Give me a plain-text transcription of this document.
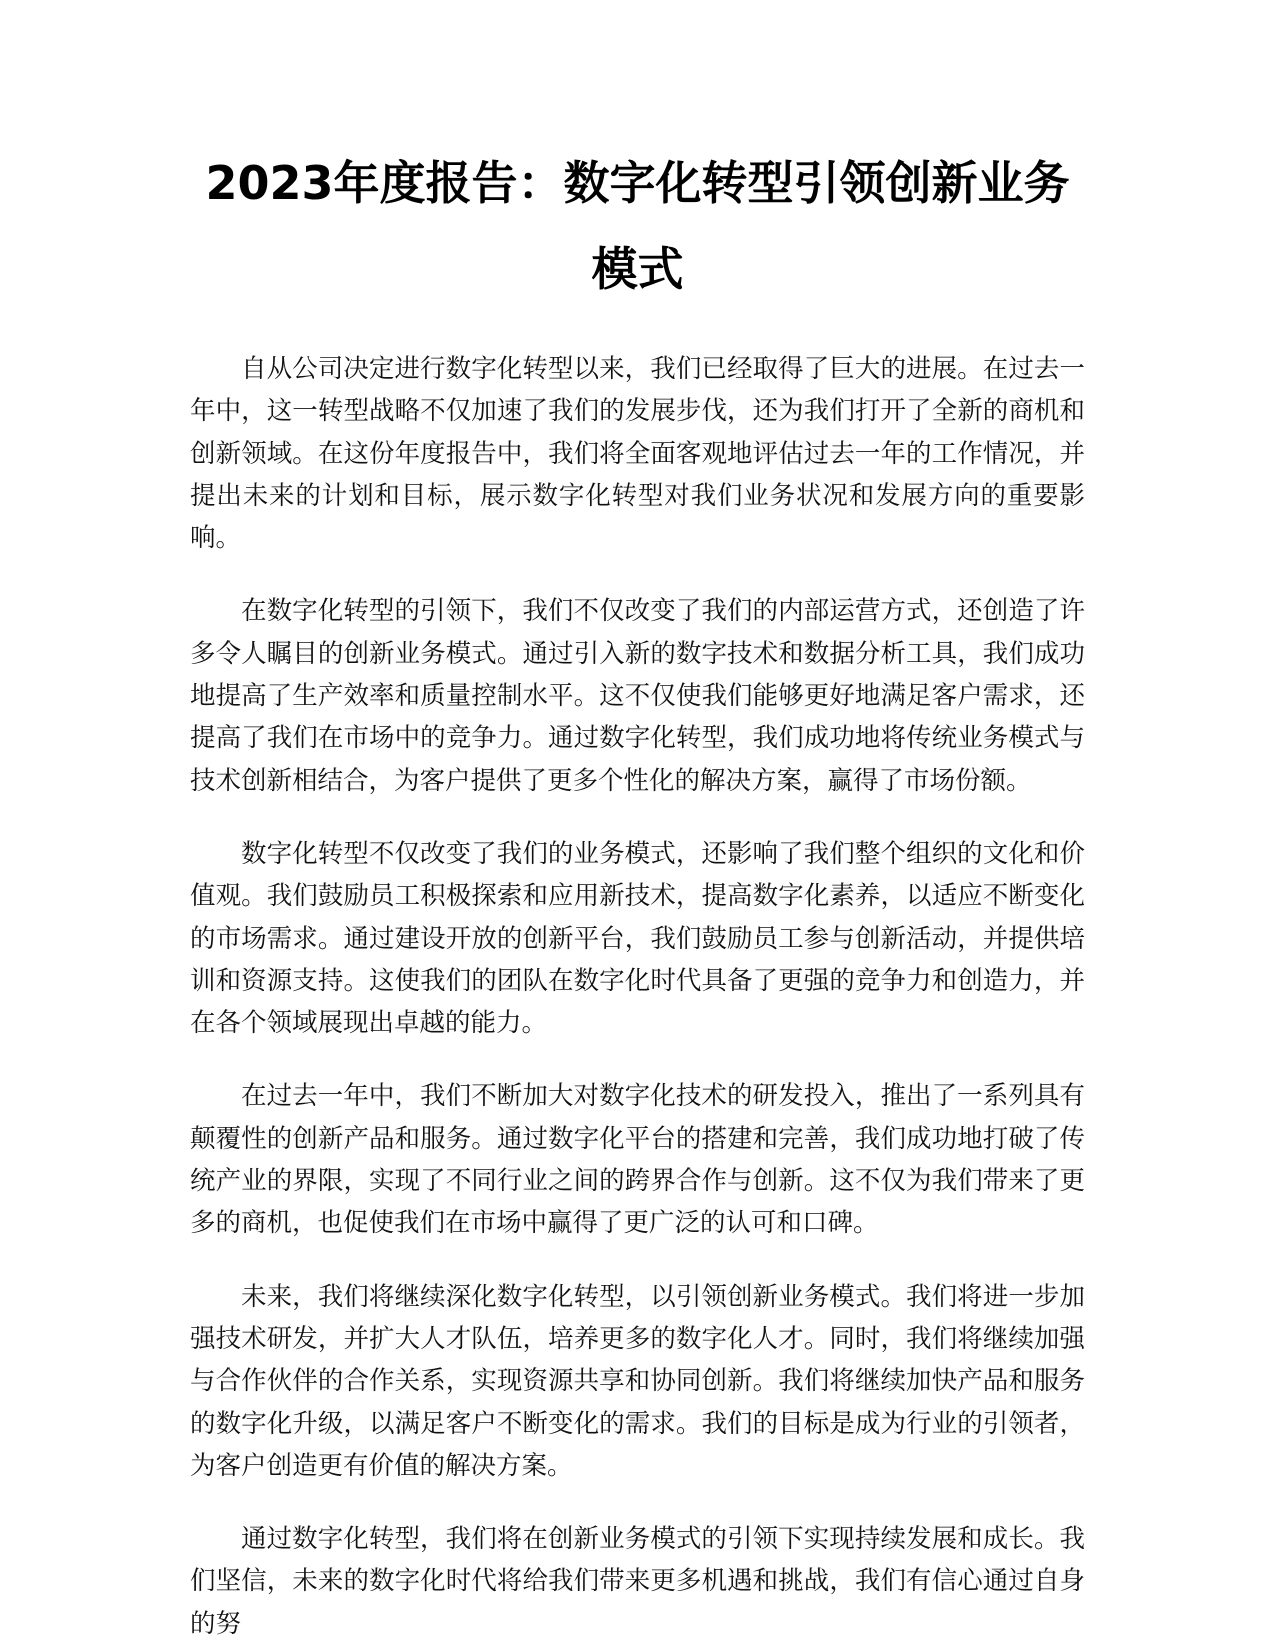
2023年度报告：数字化转型引领创新业务模式

自从公司决定进行数字化转型以来，我们已经取得了巨大的进展。在过去一年中，这一转型战略不仅加速了我们的发展步伐，还为我们打开了全新的商机和创新领域。在这份年度报告中，我们将全面客观地评估过去一年的工作情况，并提出未来的计划和目标，展示数字化转型对我们业务状况和发展方向的重要影响。

在数字化转型的引领下，我们不仅改变了我们的内部运营方式，还创造了许多令人瞩目的创新业务模式。通过引入新的数字技术和数据分析工具，我们成功地提高了生产效率和质量控制水平。这不仅使我们能够更好地满足客户需求，还提高了我们在市场中的竞争力。通过数字化转型，我们成功地将传统业务模式与技术创新相结合，为客户提供了更多个性化的解决方案，赢得了市场份额。

数字化转型不仅改变了我们的业务模式，还影响了我们整个组织的文化和价值观。我们鼓励员工积极探索和应用新技术，提高数字化素养，以适应不断变化的市场需求。通过建设开放的创新平台，我们鼓励员工参与创新活动，并提供培训和资源支持。这使我们的团队在数字化时代具备了更强的竞争力和创造力，并在各个领域展现出卓越的能力。

在过去一年中，我们不断加大对数字化技术的研发投入，推出了一系列具有颠覆性的创新产品和服务。通过数字化平台的搭建和完善，我们成功地打破了传统产业的界限，实现了不同行业之间的跨界合作与创新。这不仅为我们带来了更多的商机，也促使我们在市场中赢得了更广泛的认可和口碑。

未来，我们将继续深化数字化转型，以引领创新业务模式。我们将进一步加强技术研发，并扩大人才队伍，培养更多的数字化人才。同时，我们将继续加强与合作伙伴的合作关系，实现资源共享和协同创新。我们将继续加快产品和服务的数字化升级，以满足客户不断变化的需求。我们的目标是成为行业的引领者，为客户创造更有价值的解决方案。

通过数字化转型，我们将在创新业务模式的引领下实现持续发展和成长。我们坚信，未来的数字化时代将给我们带来更多机遇和挑战，我们有信心通过自身的努
